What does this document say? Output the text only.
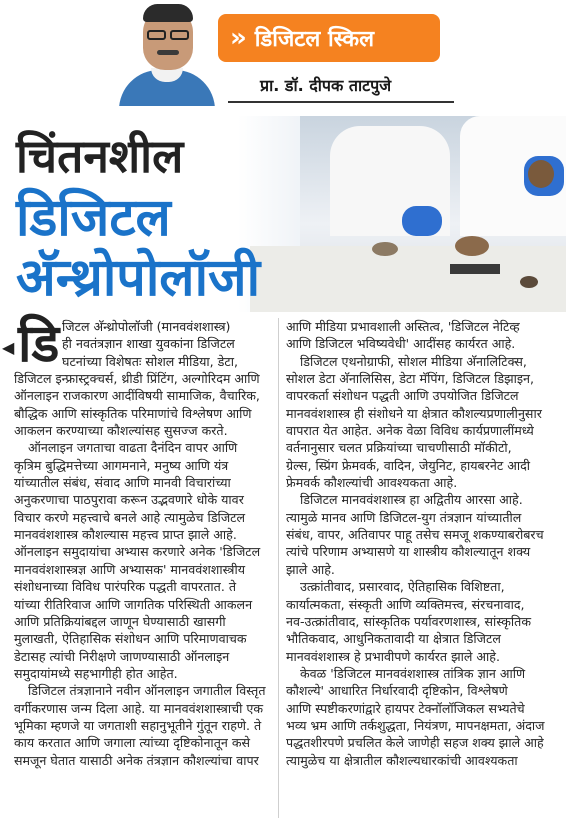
» डिजिटल स्किल
प्रा. डॉ. दीपक ताटपुजे
चिंतनशील
डिजिटल
अ‍ॅन्थ्रोपोलॉजी
◀ डि जिटल अ‍ॅन्थ्रोपोलॉजी (मानववंशशास्त्र)

ही नवतंत्रज्ञान शाखा युवकांना डिजिटल

घटनांच्या विशेषतः सोशल मीडिया, डेटा,

डिजिटल इन्फ्रास्ट्रक्चर्स, थ्रीडी प्रिंटिंग, अल्गोरिदम आणि

ऑनलाइन राजकारण आदींविषयी सामाजिक, वैचारिक,

बौद्धिक आणि सांस्कृतिक परिमाणांचे विश्लेषण आणि

आकलन करण्याच्या कौशल्यांसह सुसज्ज करते.

ऑनलाइन जगताचा वाढता दैनंदिन वापर आणि

कृत्रिम बुद्धिमत्तेच्या आगमनाने, मनुष्य आणि यंत्र

यांच्यातील संबंध, संवाद आणि मानवी विचारांच्या

अनुकरणाचा पाठपुरावा करून उद्भवणारे धोके यावर

विचार करणे महत्त्वाचे बनले आहे त्यामुळेच डिजिटल

मानववंशशास्त्र कौशल्यास महत्त्व प्राप्त झाले आहे.

ऑनलाइन समुदायांचा अभ्यास करणारे अनेक 'डिजिटल

मानववंशशास्त्रज्ञ आणि अभ्यासक' मानववंशशास्त्रीय

संशोधनाच्या विविध पारंपरिक पद्धती वापरतात. ते

यांच्या रीतिरिवाज आणि जागतिक परिस्थिती आकलन

आणि प्रतिक्रियांबद्दल जाणून घेण्यासाठी खासगी

मुलाखती, ऐतिहासिक संशोधन आणि परिमाणवाचक

डेटासह त्यांची निरीक्षणे जाणण्यासाठी ऑनलाइन

समुदायांमध्ये सहभागीही होत आहेत.

डिजिटल तंत्रज्ञानाने नवीन ऑनलाइन जगातील विस्तृत

वर्गीकरणास जन्म दिला आहे. या मानववंशशास्त्राची एक

भूमिका म्हणजे या जगताशी सहानुभूतीने गुंतून राहणे. ते

काय करतात आणि जगाला त्यांच्या दृष्टिकोनातून कसे

समजून घेतात यासाठी अनेक तंत्रज्ञान कौशल्यांचा वापर

आणि मीडिया प्रभावशाली अस्तित्व, 'डिजिटल नेटिव्ह

आणि डिजिटल भविष्यवेधी' आदींसह कार्यरत आहे.

डिजिटल एथनोग्राफी, सोशल मीडिया अ‍ॅनालिटिक्स,

सोशल डेटा अ‍ॅनालिसिस, डेटा मॅपिंग, डिजिटल डिझाइन,

वापरकर्ता संशोधन पद्धती आणि उपयोजित डिजिटल

मानववंशशास्त्र ही संशोधने या क्षेत्रात कौशल्यप्रणालीनुसार

वापरात येत आहेत. अनेक वेळा विविध कार्यप्रणालींमध्ये

वर्तनानुसार चलत प्रक्रियांच्या चाचणीसाठी मॉकीटो,

ग्रेल्स, स्प्रिंग फ्रेमवर्क, वादिन, जेयुनिट, हायबरनेट आदी

फ्रेमवर्क कौशल्यांची आवश्यकता आहे.

डिजिटल मानववंशशास्त्र हा अद्वितीय आरसा आहे.

त्यामुळे मानव आणि डिजिटल-युग तंत्रज्ञान यांच्यातील

संबंध, वापर, अतिवापर पाहू तसेच समजू शकण्याबरोबरच

त्यांचे परिणाम अभ्यासणे या शास्त्रीय कौशल्यातून शक्य

झाले आहे.

उत्क्रांतीवाद, प्रसारवाद, ऐतिहासिक विशिष्टता,

कार्यात्मकता, संस्कृती आणि व्यक्तिमत्त्व, संरचनावाद,

नव-उत्क्रांतीवाद, सांस्कृतिक पर्यावरणशास्त्र, सांस्कृतिक

भौतिकवाद, आधुनिकतावादी या क्षेत्रात डिजिटल

मानववंशशास्त्र हे प्रभावीपणे कार्यरत झाले आहे.

केवळ 'डिजिटल मानववंशशास्त्र तांत्रिक ज्ञान आणि

कौशल्ये' आधारित निर्धारवादी दृष्टिकोन, विश्लेषणे

आणि स्पष्टीकरणांद्वारे हायपर टेक्नॉलॉजिकल सभ्यतेचे

भव्य भ्रम आणि तर्कशुद्धता, नियंत्रण, मापनक्षमता, अंदाज

पद्धतशीरपणे प्रचलित केले जाणेही सहज शक्य झाले आहे

त्यामुळेच या क्षेत्रातील कौशल्यधारकांची आवश्यकता
